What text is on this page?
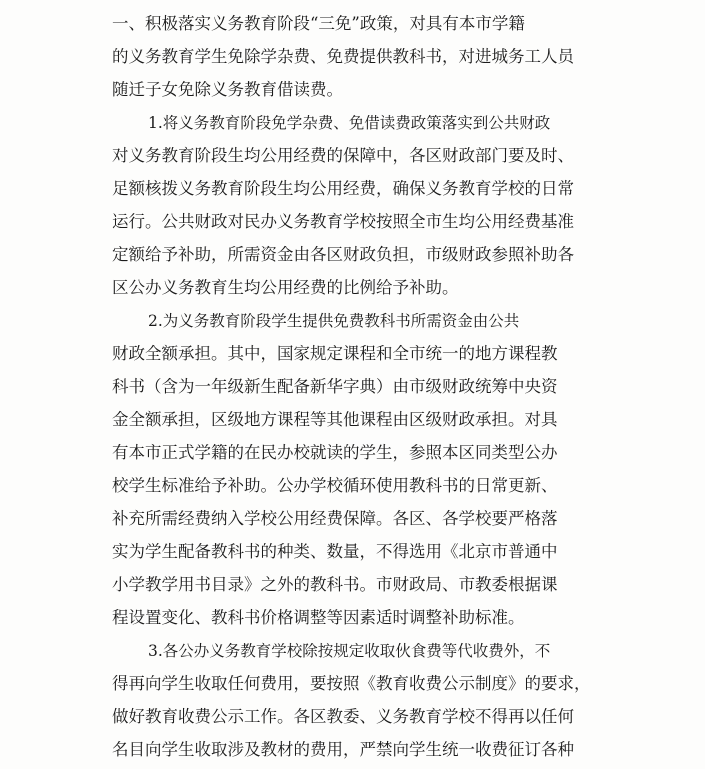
一、积极落实义务教育阶段“三免”政策，对具有本市学籍
的义务教育学生免除学杂费、免费提供教科书，对进城务工人员
随迁子女免除义务教育借读费。
1.将义务教育阶段免学杂费、免借读费政策落实到公共财政
对义务教育阶段生均公用经费的保障中，各区财政部门要及时、
足额核拨义务教育阶段生均公用经费，确保义务教育学校的日常
运行。公共财政对民办义务教育学校按照全市生均公用经费基准
定额给予补助，所需资金由各区财政负担，市级财政参照补助各
区公办义务教育生均公用经费的比例给予补助。
2.为义务教育阶段学生提供免费教科书所需资金由公共
财政全额承担。其中，国家规定课程和全市统一的地方课程教
科书（含为一年级新生配备新华字典）由市级财政统筹中央资
金全额承担，区级地方课程等其他课程由区级财政承担。对具
有本市正式学籍的在民办校就读的学生，参照本区同类型公办
校学生标准给予补助。公办学校循环使用教科书的日常更新、
补充所需经费纳入学校公用经费保障。各区、各学校要严格落
实为学生配备教科书的种类、数量，不得选用《北京市普通中
小学教学用书目录》之外的教科书。市财政局、市教委根据课
程设置变化、教科书价格调整等因素适时调整补助标准。
3.各公办义务教育学校除按规定收取伙食费等代收费外，不
得再向学生收取任何费用，要按照《教育收费公示制度》的要求，
做好教育收费公示工作。各区教委、义务教育学校不得再以任何
名目向学生收取涉及教材的费用，严禁向学生统一收费征订各种
